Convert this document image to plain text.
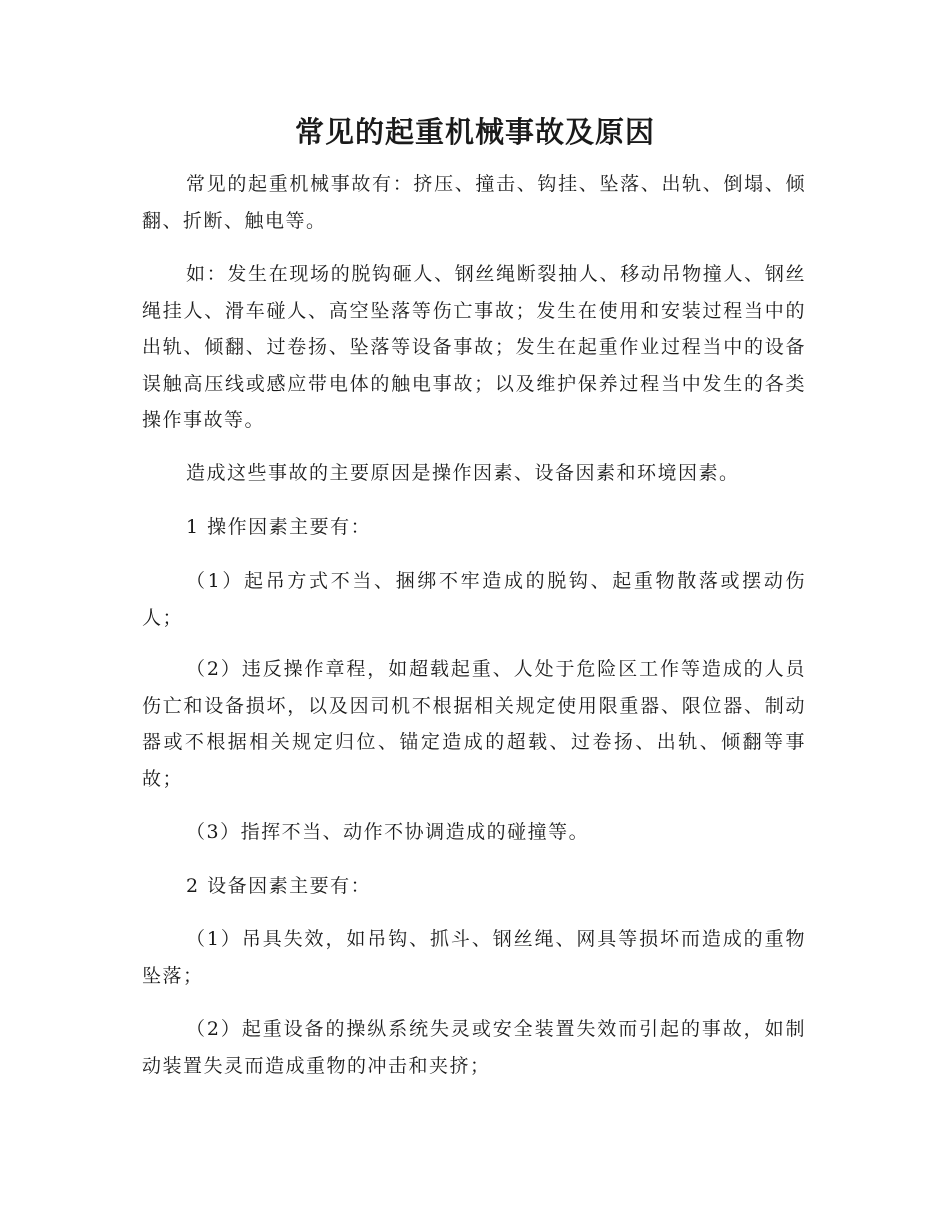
常见的起重机械事故及原因

常见的起重机械事故有：挤压、撞击、钩挂、坠落、出轨、倒塌、倾翻、折断、触电等。

如：发生在现场的脱钩砸人、钢丝绳断裂抽人、移动吊物撞人、钢丝绳挂人、滑车碰人、高空坠落等伤亡事故；发生在使用和安装过程当中的出轨、倾翻、过卷扬、坠落等设备事故；发生在起重作业过程当中的设备误触高压线或感应带电体的触电事故；以及维护保养过程当中发生的各类操作事故等。

造成这些事故的主要原因是操作因素、设备因素和环境因素。

1 操作因素主要有：

（1）起吊方式不当、捆绑不牢造成的脱钩、起重物散落或摆动伤人；

（2）违反操作章程，如超载起重、人处于危险区工作等造成的人员伤亡和设备损坏，以及因司机不根据相关规定使用限重器、限位器、制动器或不根据相关规定归位、锚定造成的超载、过卷扬、出轨、倾翻等事故；

（3）指挥不当、动作不协调造成的碰撞等。

2 设备因素主要有：

（1）吊具失效，如吊钩、抓斗、钢丝绳、网具等损坏而造成的重物坠落；

（2）起重设备的操纵系统失灵或安全装置失效而引起的事故，如制动装置失灵而造成重物的冲击和夹挤；
